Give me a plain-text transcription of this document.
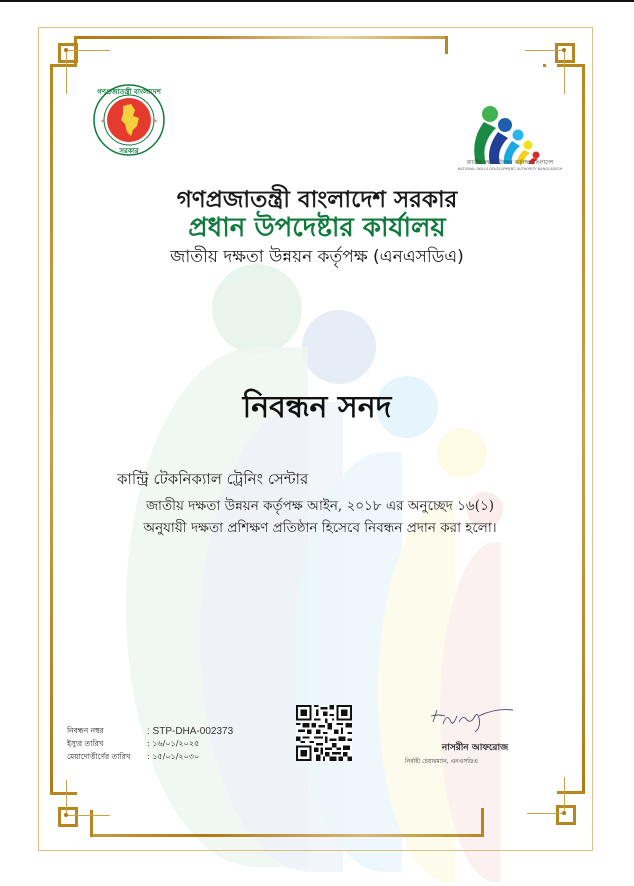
গণপ্রজাতন্ত্রী বাংলাদেশ
সরকার
*	*
জাতীয় দক্ষতা উন্নয়ন কর্তৃপক্ষ বাংলাদেশ
NATIONAL SKILLS DEVELOPMENT AUTHORITY BANGLADESH
গণপ্রজাতন্ত্রী বাংলাদেশ সরকার
প্রধান উপদেষ্টার কার্যালয়
জাতীয় দক্ষতা উন্নয়ন কর্তৃপক্ষ (এনএসডিএ)
নিবন্ধন সনদ
কান্ট্রি টেকনিক্যাল ট্রেনিং সেন্টার
জাতীয় দক্ষতা উন্নয়ন কর্তৃপক্ষ আইন, ২০১৮ এর অনুচ্ছেদ ১৬(১)
অনুযায়ী দক্ষতা প্রশিক্ষণ প্রতিষ্ঠান হিসেবে নিবন্ধন প্রদান করা হলো।
নিবন্ধন নম্বর	: STP-DHA-002373
ইস্যুর তারিখ	: ১৬/০১/২০২৫
মেয়াদোত্তীর্ণের তারিখ	: ১৫/০১/২০৩০
নাসরীন আফরোজ
নির্বাহী চেয়ারম্যান, এনএসডিএ
